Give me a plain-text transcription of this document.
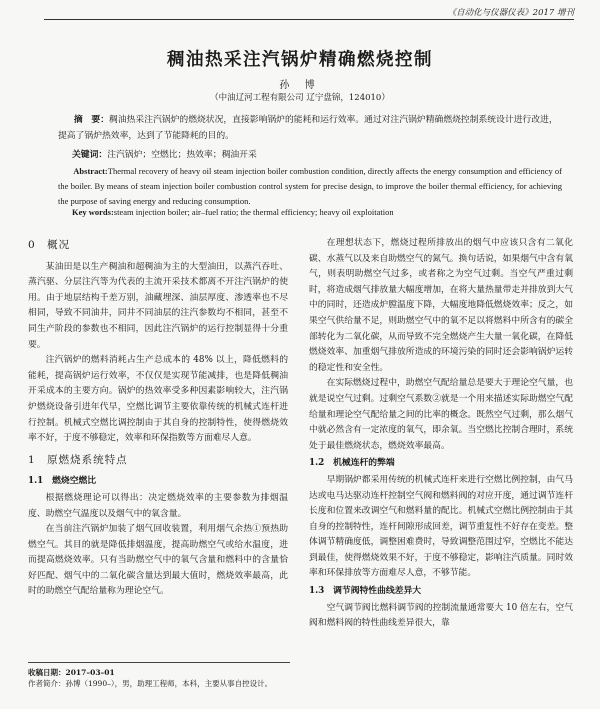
《自动化与仪器仪表》2017 增刊
稠油热采注汽锅炉精确燃烧控制
孙 博
（中油辽河工程有限公司 辽宁盘锦，124010）
摘　要：稠油热采注汽锅炉的燃烧状况，直接影响锅炉的能耗和运行效率。通过对注汽锅炉精确燃烧控制系统设计进行改进，提高了锅炉热效率，达到了节能降耗的目的。
关键词：注汽锅炉；空燃比；热效率；稠油开采
Abstract:Thermal recovery of heavy oil steam injection boiler combustion condition, directly affects the energy consumption and efficiency of the boiler. By means of steam injection boiler combustion control system for precise design, to improve the boiler thermal efficiency, for achieving the purpose of saving energy and reducing consumption.
Key words:steam injection boiler; air–fuel ratio; the thermal efficiency; heavy oil exploitation

0　概况

某油田是以生产稠油和超稠油为主的大型油田，以蒸汽吞吐、蒸汽驱、分层注汽等为代表的主流开采技术都离不开注汽锅炉的使用。由于地层结构千差万别，油藏埋深、油层厚度、渗透率也不尽相同，导致不同油井，同井不同油层的注汽参数均不相同，甚至不同生产阶段的参数也不相同，因此注汽锅炉的运行控制显得十分重要。

注汽锅炉的燃料消耗占生产总成本的 48% 以上，降低燃料的能耗，提高锅炉运行效率，不仅仅是实现节能减排，也是降低稠油开采成本的主要方向。锅炉的热效率受多种因素影响较大，注汽锅炉燃烧设备引进年代早，空燃比调节主要依靠传统的机械式连杆进行控制。机械式空燃比调控制由于其自身的控制特性，使得燃烧效率不好，于度不够稳定，效率和环保指数等方面难尽人意。

1　原燃烧系统特点

1.1　燃烧空燃比

根据燃烧理论可以得出：决定燃烧效率的主要参数为排烟温度、助燃空气温度以及烟气中的氧含量。

在当前注汽锅炉加装了烟气回收装置，利用烟气余热①预热助燃空气。其目的就是降低排烟温度，提高助燃空气或给水温度，进而提高燃烧效率。只有当助燃空气中的氧气含量和燃料中的含量恰好匹配、烟气中的二氧化碳含量达到最大值时，燃烧效率最高，此时的助燃空气配给量称为理论空气。

在理想状态下，燃烧过程所排放出的烟气中应该只含有二氧化碳、水蒸气以及来自助燃空气的氮气。换句话说，如果烟气中含有氧气，则表明助燃空气过多，或者称之为空气过剩。当空气严重过剩时，将造成烟气排放量大幅度增加，在将大量热量带走并排放到大气中的同时，还造成炉膛温度下降，大幅度地降低燃烧效率；反之，如果空气供给量不足，则助燃空气中的氧不足以将燃料中所含有的碳全部转化为二氧化碳，从而导致不完全燃烧产生大量一氧化碳，在降低燃烧效率、加重烟气排放所造成的环境污染的同时还会影响锅炉运转的稳定性和安全性。

在实际燃烧过程中，助燃空气配给量总是要大于理论空气量，也就是说空气过剩。过剩空气系数②就是一个用来描述实际助燃空气配给量和理论空气配给量之间的比率的概念。既然空气过剩，那么烟气中就必然含有一定浓度的氧气，即余氧。当空燃比控制合理时，系统处于最佳燃烧状态，燃烧效率最高。

1.2　机械连杆的弊端

早期锅炉都采用传统的机械式连杆来进行空燃比例控制，由气马达或电马达驱动连杆控制空气阀和燃料阀的对应开度，通过调节连杆长度和位置来改调空气和燃料量的配比。机械式空燃比例控制由于其自身的控制特性，连杆间隙形成回差，调节重复性不好存在变差。整体调节精确度低，调整困难费时，导致调整范围过窄，空燃比不能达到最佳，使得燃烧效果不好，于度不够稳定，影响注汽质量。同时效率和环保排放等方面难尽人意，不够节能。

1.3　调节阀特性曲线差异大

空气调节阀比燃料调节阀的控制流量通常要大 10 倍左右，空气阀和燃料阀的特性曲线差异很大，靠

收稿日期：2017–03–01
作者简介：孙博（1990–），男，助理工程师，本科，主要从事自控设计。
